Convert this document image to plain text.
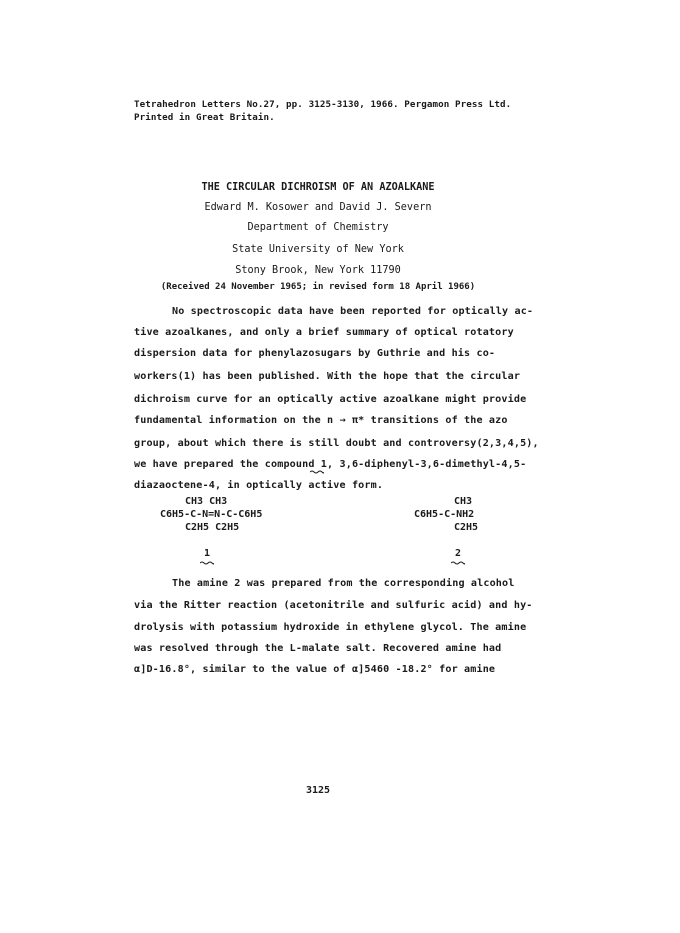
Tetrahedron Letters No.27, pp. 3125-3130, 1966. Pergamon Press Ltd.
Printed in Great Britain.
THE CIRCULAR DICHROISM OF AN AZOALKANE
Edward M. Kosower and David J. Severn
Department of Chemistry
State University of New York
Stony Brook, New York 11790
(Received 24 November 1965; in revised form 18 April 1966)
No spectroscopic data have been reported for optically ac-
tive azoalkanes, and only a brief summary of optical rotatory
dispersion data for phenylazosugars by Guthrie and his co-
workers(1) has been published. With the hope that the circular
dichroism curve for an optically active azoalkane might provide
fundamental information on the n → π* transitions of the azo
group, about which there is still doubt and controversy(2,3,4,5),
we have prepared the compound 1, 3,6-diphenyl-3,6-dimethyl-4,5-
diazaoctene-4, in optically active form.
CH3 CH3
C6H5-C-N=N-C-C6H5
C2H5 C2H5
1
CH3
C6H5-C-NH2
C2H5
2
The amine 2 was prepared from the corresponding alcohol
via the Ritter reaction (acetonitrile and sulfuric acid) and hy-
drolysis with potassium hydroxide in ethylene glycol. The amine
was resolved through the L-malate salt. Recovered amine had
α]D-16.8°, similar to the value of α]5460 -18.2° for amine
3125
